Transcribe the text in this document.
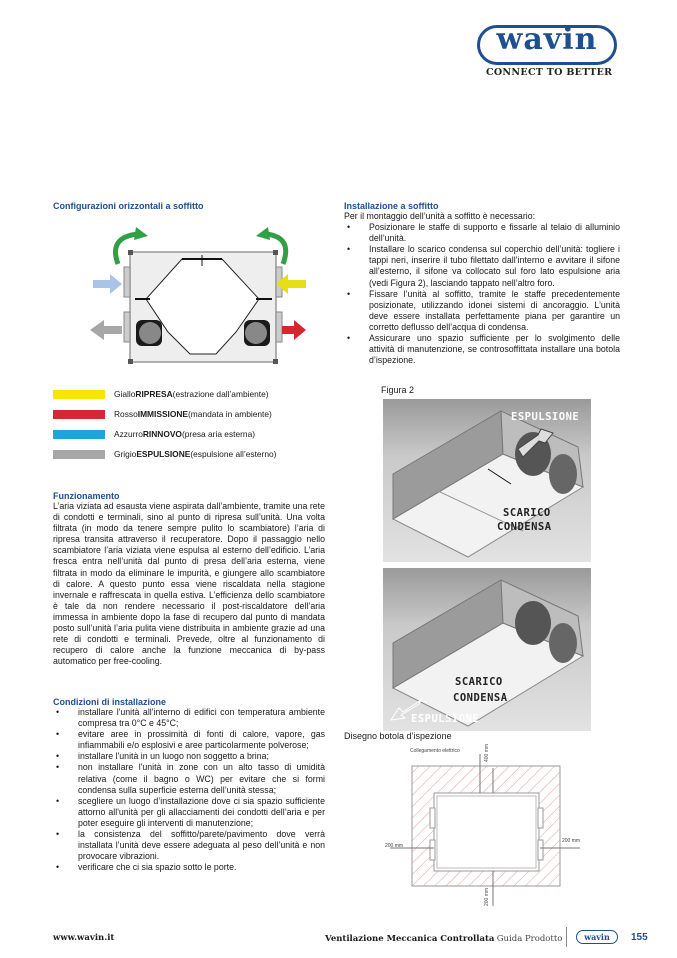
wavin
CONNECT TO BETTER
Configurazioni orizzontali a soffitto
Giallo RIPRESA (estrazione dall’ambiente)
Rosso IMMISSIONE (mandata in ambiente)
Azzurro RINNOVO (presa aria esterna)
Grigio ESPULSIONE (espulsione all’esterno)
Funzionamento
L’aria viziata ad esausta viene aspirata dall’ambiente, tramite una rete di condotti e terminali, sino al punto di ripresa sull’unità. Una volta filtrata (in modo da tenere sempre pulito lo scambiatore) l’aria di ripresa transita attraverso il recuperatore. Dopo il passaggio nello scambiatore l’aria viziata viene espulsa al esterno dell’edificio. L’aria fresca entra nell’unità dal punto di presa dell’aria esterna, viene filtrata in modo da eliminare le impurità, e giungere allo scambiatore di calore. A questo punto essa viene riscaldata nella stagione invernale e raffrescata in quella estiva. L’efficienza dello scambiatore è tale da non rendere necessario il post-riscaldatore dell’aria immessa in ambiente dopo la fase di recupero dal punto di mandata posto sull’unità l’aria pulita viene distribuita in ambiente grazie ad una rete di condotti e terminali. Prevede, oltre al funzionamento di recupero di calore anche la funzione meccanica di by-pass automatico per free-cooling.
Condizioni di installazione
• installare l'unità all'interno di edifici con temperatura ambiente compresa tra 0°C e 45°C;
• evitare aree in prossimità di fonti di calore, vapore, gas infiammabili e/o esplosivi e aree particolarmente polverose;
• installare l'unità in un luogo non soggetto a brina;
• non installare l'unità in zone con un alto tasso di umidità relativa (come il bagno o WC) per evitare che si formi condensa sulla superficie esterna dell’unità stessa;
• scegliere un luogo d’installazione dove ci sia spazio sufficiente attorno all'unità per gli allacciamenti dei condotti dell’aria e per poter eseguire gli interventi di manutenzione;
• la consistenza del soffitto/parete/pavimento dove verrà installata l’unità deve essere adeguata al peso dell’unità e non provocare vibrazioni.
• verificare che ci sia spazio sotto le porte.
Installazione a soffitto
Per il montaggio dell’unità a soffitto è necessario:
• Posizionare le staffe di supporto e fissarle al telaio di alluminio dell’unità.
• Installare lo scarico condensa sul coperchio dell’unità: togliere i tappi neri, inserire il tubo filettato dall’interno e avvitare il sifone all’esterno, il sifone va collocato sul foro lato espulsione aria (vedi Figura 2), lasciando tappato nell’altro foro.
• Fissare l’unità al soffitto, tramite le staffe precedentemente posizionate, utilizzando idonei sistemi di ancoraggio. L’unità deve essere installata perfettamente piana per garantire un corretto deflusso dell’acqua di condensa.
• Assicurare uno spazio sufficiente per lo svolgimento delle attività di manutenzione, se controsoffittata installare una botola d’ispezione.
Figura 2
ESPULSIONE
SCARICO
CONDENSA
SCARICO
CONDENSA
ESPULSIONE
Disegno botola d’ispezione
Collegamento elettrico	400 mm
200 mm
200 mm
200 mm
www.wavin.it	Ventilazione Meccanica Controllata Guida Prodotto	wavin	155
